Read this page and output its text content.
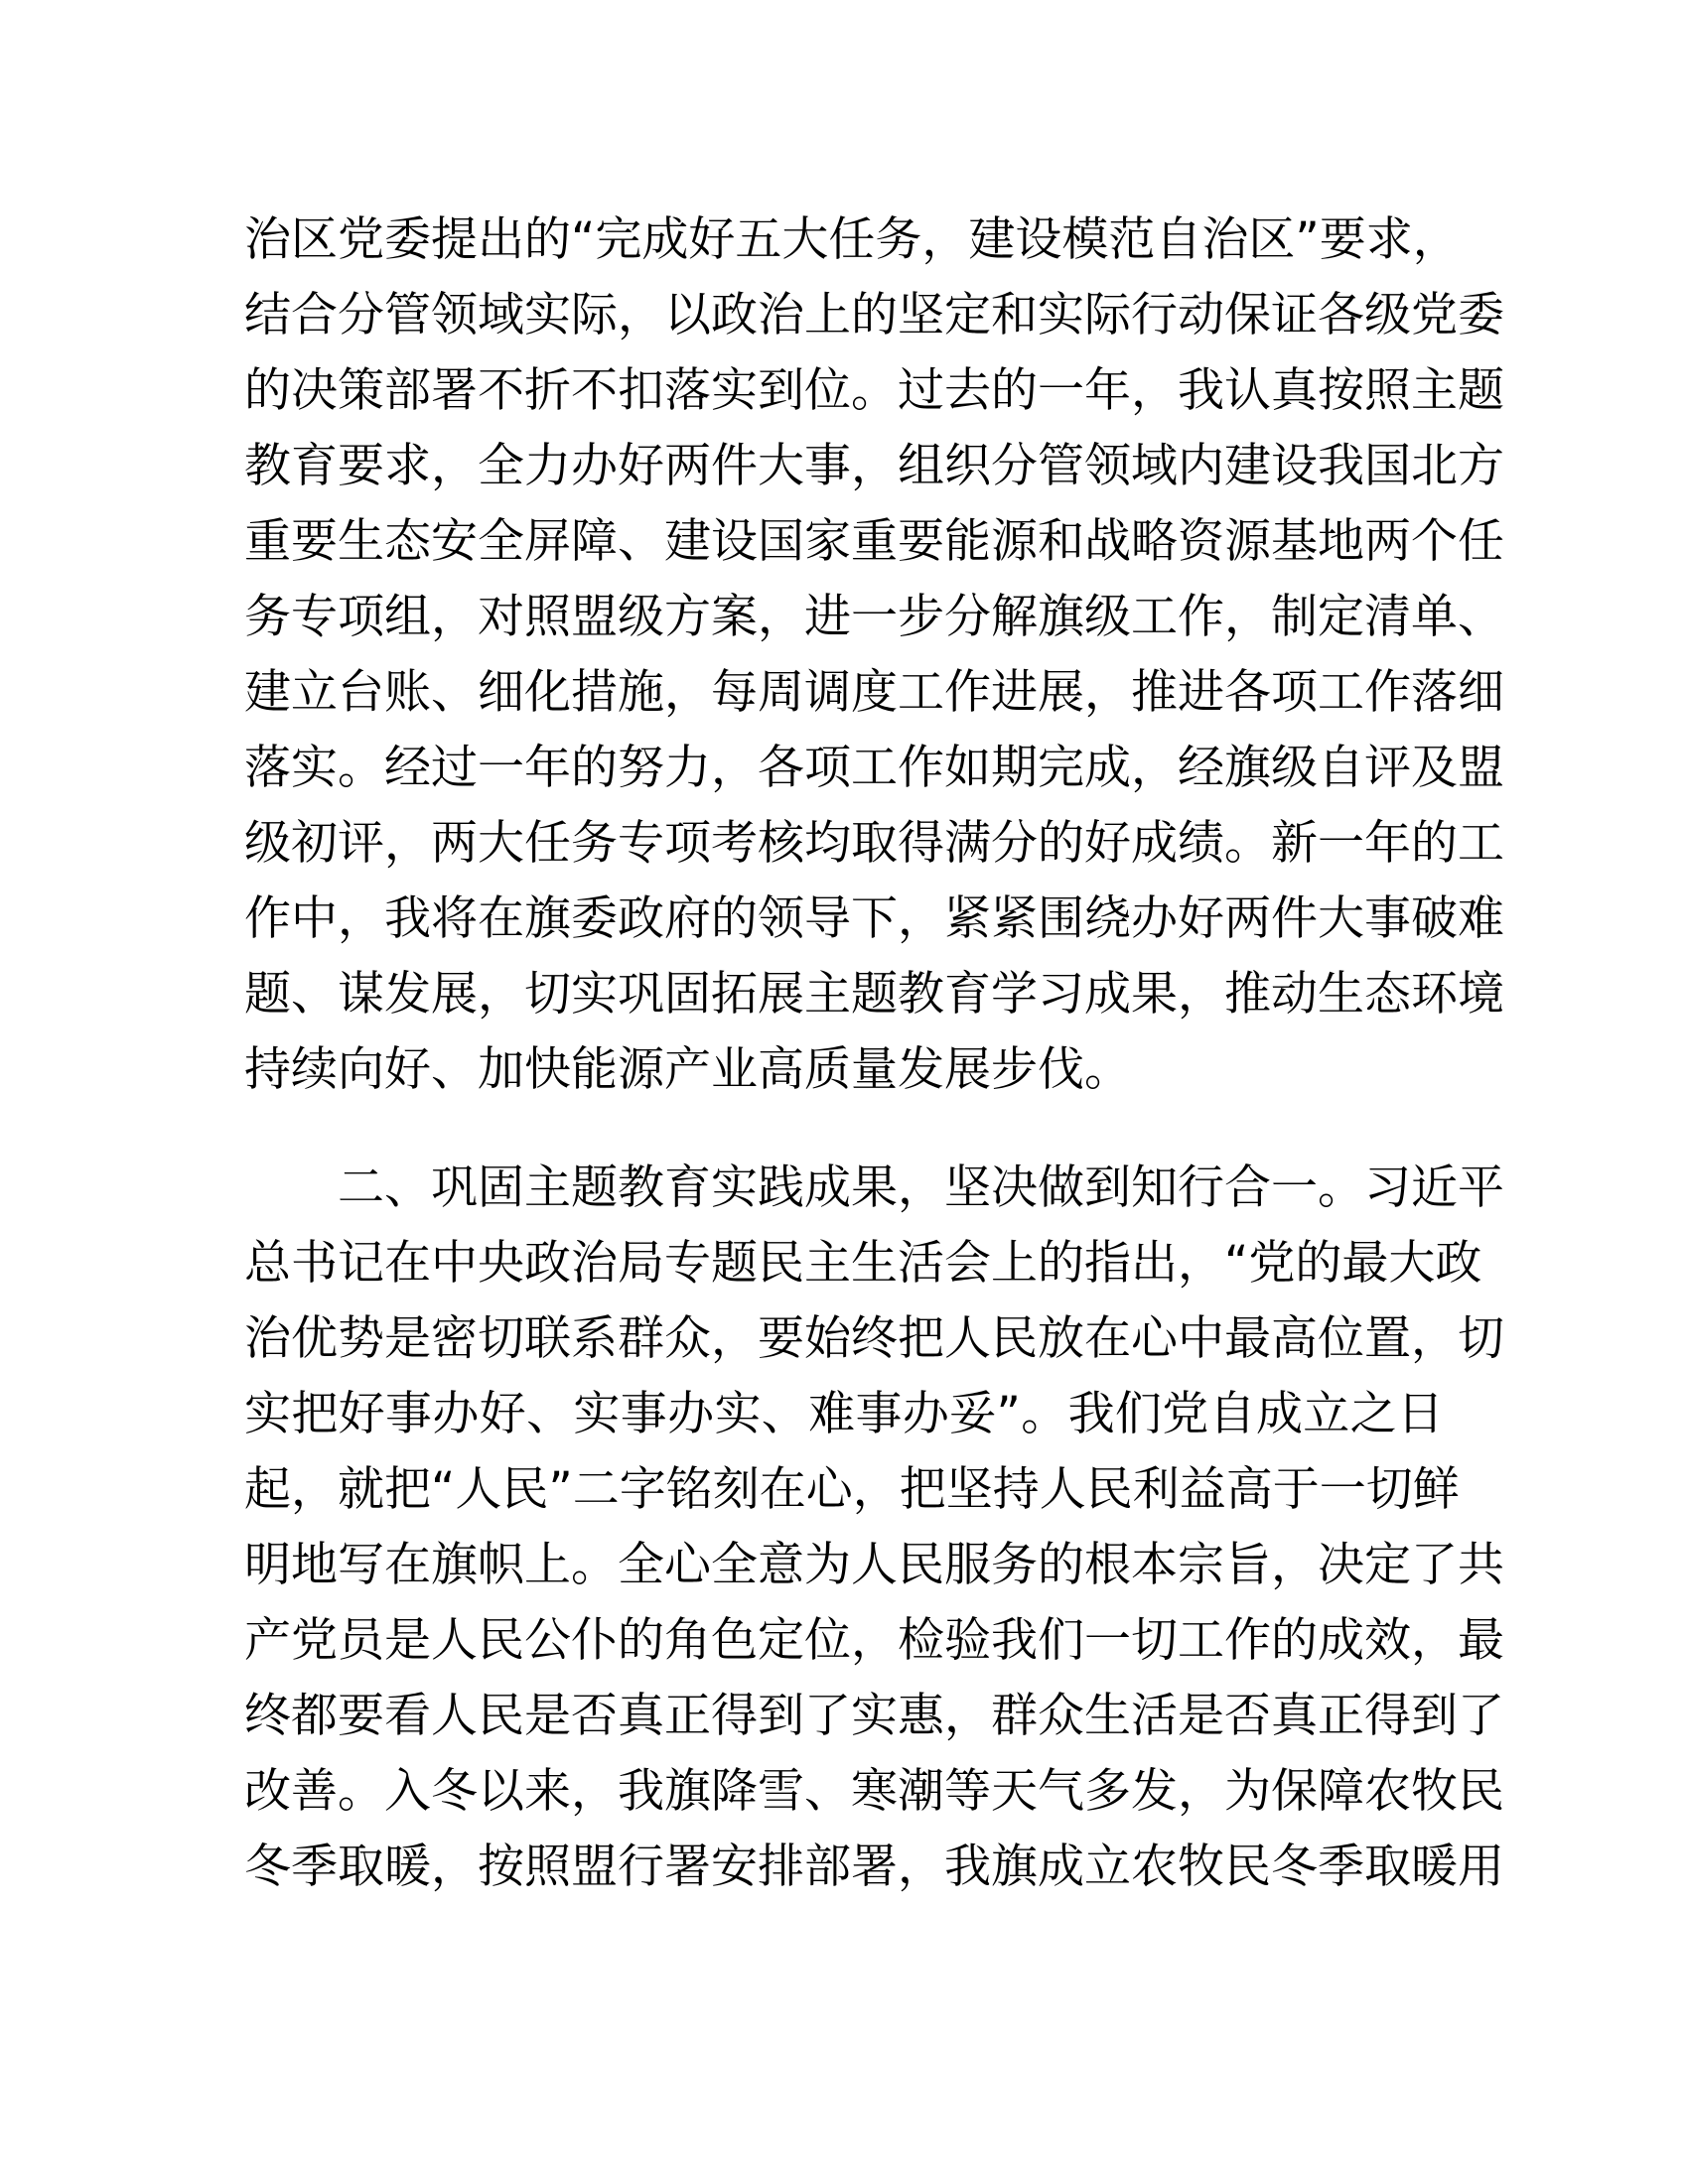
治区党委提出的“完成好五大任务，建设模范自治区”要求，
结合分管领域实际，以政治上的坚定和实际行动保证各级党委
的决策部署不折不扣落实到位。过去的一年，我认真按照主题
教育要求，全力办好两件大事，组织分管领域内建设我国北方
重要生态安全屏障、建设国家重要能源和战略资源基地两个任
务专项组，对照盟级方案，进一步分解旗级工作，制定清单、
建立台账、细化措施，每周调度工作进展，推进各项工作落细
落实。经过一年的努力，各项工作如期完成，经旗级自评及盟
级初评，两大任务专项考核均取得满分的好成绩。新一年的工
作中，我将在旗委政府的领导下，紧紧围绕办好两件大事破难
题、谋发展，切实巩固拓展主题教育学习成果，推动生态环境
持续向好、加快能源产业高质量发展步伐。
二、巩固主题教育实践成果，坚决做到知行合一。习近平
总书记在中央政治局专题民主生活会上的指出，“党的最大政
治优势是密切联系群众，要始终把人民放在心中最高位置，切
实把好事办好、实事办实、难事办妥”。我们党自成立之日
起，就把“人民”二字铭刻在心，把坚持人民利益高于一切鲜
明地写在旗帜上。全心全意为人民服务的根本宗旨，决定了共
产党员是人民公仆的角色定位，检验我们一切工作的成效，最
终都要看人民是否真正得到了实惠，群众生活是否真正得到了
改善。入冬以来，我旗降雪、寒潮等天气多发，为保障农牧民
冬季取暖，按照盟行署安排部署，我旗成立农牧民冬季取暖用
